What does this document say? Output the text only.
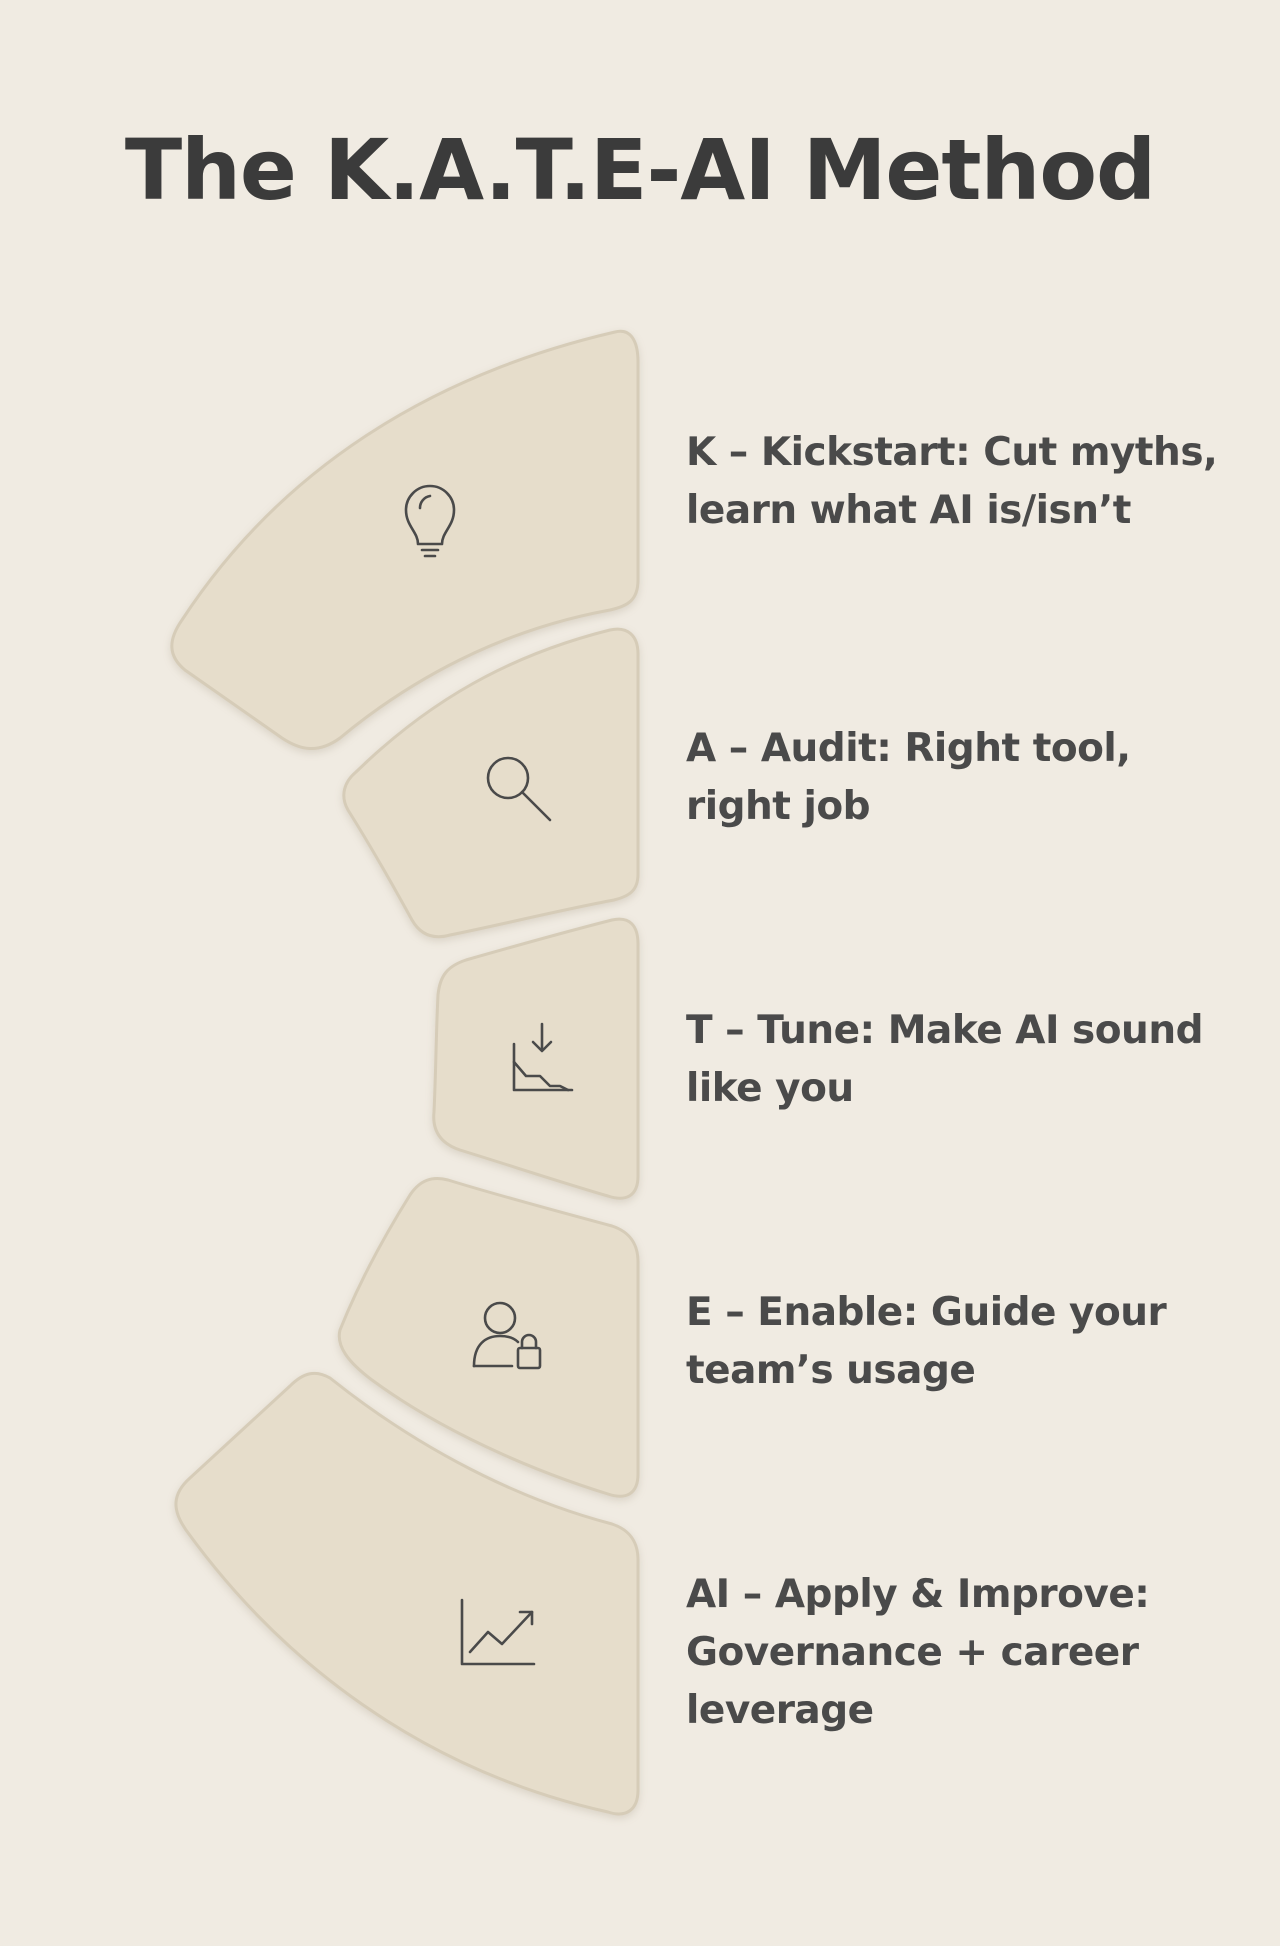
The K.A.T.E-AI Method

K – Kickstart: Cut myths, learn what AI is/isn’t

A – Audit: Right tool, right job

T – Tune: Make AI sound like you

E – Enable: Guide your team’s usage

AI – Apply & Improve: Governance + career leverage
